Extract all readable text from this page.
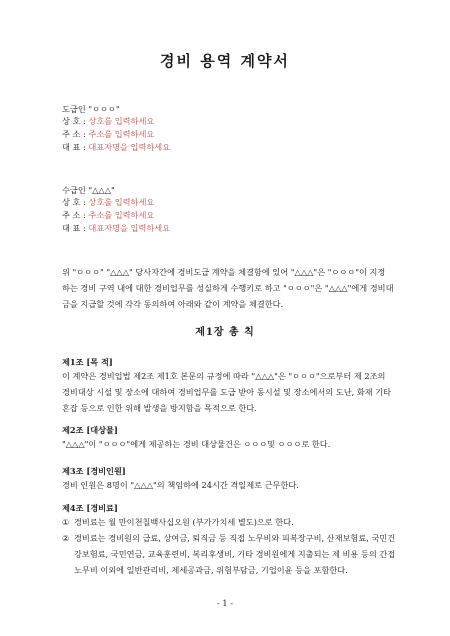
경비 용역 계약서
도급인 "ㅇㅇㅇ"
상 호 : 상호를 입력하세요
주 소 : 주소를 입력하세요
대 표 : 대표자명을 입력하세요
수급인 "△△△"
상 호 : 상호를 입력하세요
주 소 : 주소를 입력하세요
대 표 : 대표자명을 입력하세요
위 "ㅇㅇㅇ" "△△△" 당사자간에 경비도급 계약을 체결함에 있어 "△△△"은 "ㅇㅇㅇ"이 지정
하는 경비 구역 내에 대한 경비업무를 성실하게 수행키로 하고 "ㅇㅇㅇ"은 "△△△"에게 경비대
금을 지급할 것에 각각 동의하여 아래와 같이 계약을 체결한다.
제1장 총 칙
제1조 [목 적]
이 계약은 경비업법 제2조 제1호 본문의 규정에 따라 "△△△"은 "ㅇㅇㅇ"으로부터 제 2조의
경비대상 시설 및 장소에 대하여 경비업무를 도급 받아 동시설 및 장소에서의 도난, 화재 기타
혼잡 등으로 인한 위해 발생을 방지함을 목적으로 한다.
제2조 [대상물]
"△△△"이 "ㅇㅇㅇ"에게 제공하는 경비 대상물건은 ㅇㅇㅇ및 ㅇㅇㅇ로 한다.
제3조 [경비인원]
경비 인원은 8명이 "△△△"의 책임하에 24시간 격일제로 근무한다.
제4조 [경비료]
① 경비료는 월 만이천칠백사십오원 (부가가치세 별도)으로 한다.
② 경비료는 경비원의 급료, 상여금, 퇴직금 등 직접 노무비와 피복장구비, 산재보험료, 국민건
강보험료, 국민연금, 교육훈련비, 복리후생비, 기타 경비원에게 지출되는 제 비용 등의 간접
노무비 이외에 일반관리비, 제세공과금, 위험부담금, 기업이윤 등을 포함한다.
- 1 -
